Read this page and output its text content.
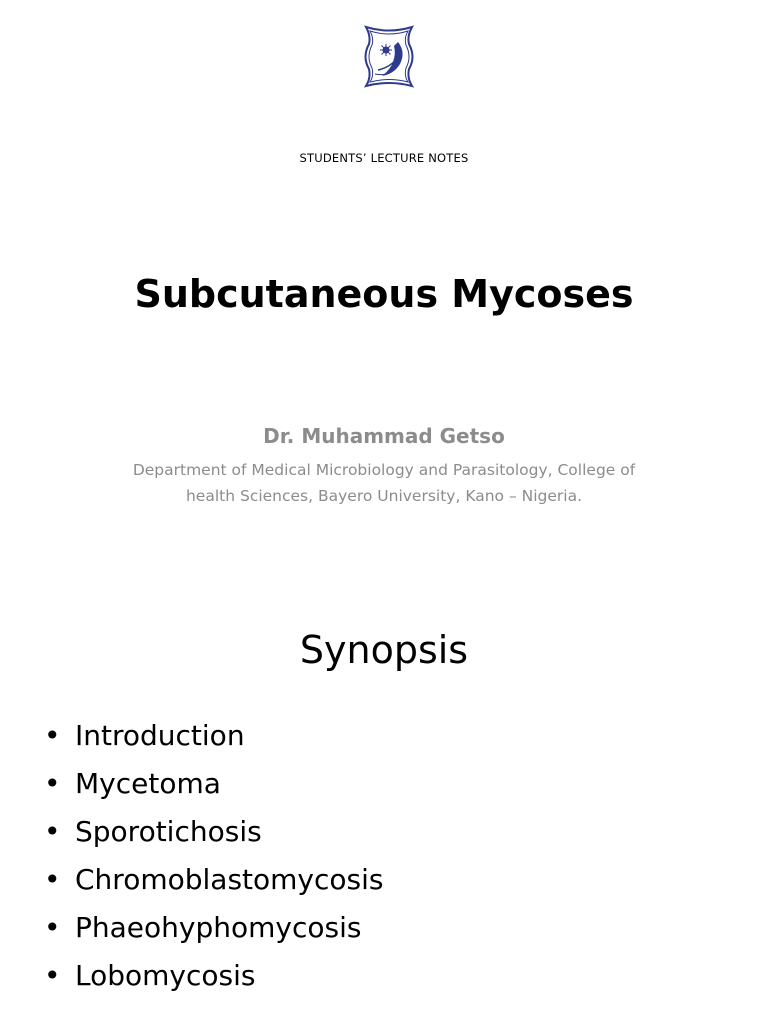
STUDENTS’ LECTURE NOTES
Subcutaneous Mycoses
Dr. Muhammad Getso
Department of Medical Microbiology and Parasitology, College of
health Sciences, Bayero University, Kano – Nigeria.
Synopsis
• Introduction
• Mycetoma
• Sporotichosis
• Chromoblastomycosis
• Phaeohyphomycosis
• Lobomycosis
